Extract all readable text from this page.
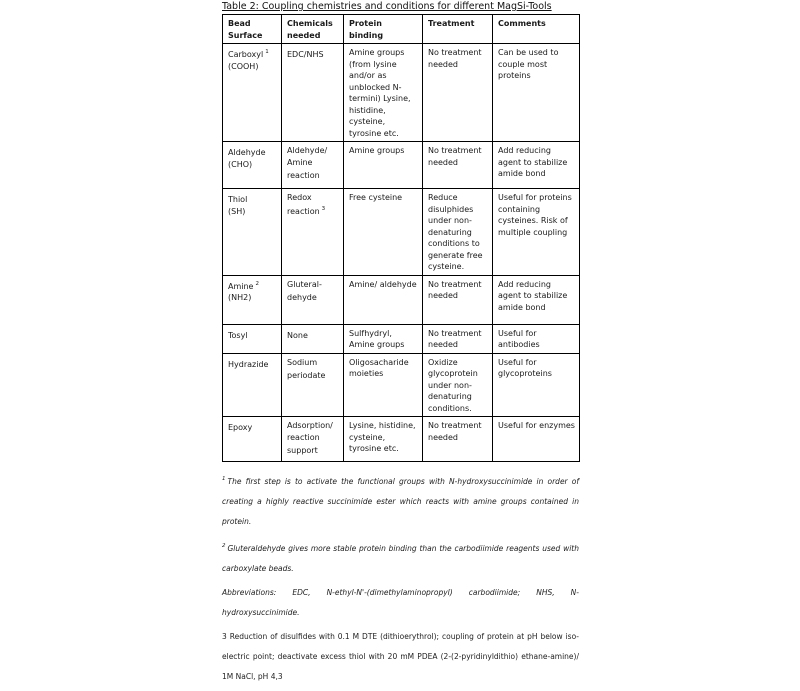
Table 2: Coupling chemistries and conditions for different MagSi-Tools
Bead Surface	Chemicals needed	Protein binding	Treatment	Comments
Carboxyl $^1$
(COOH)	EDC/NHS	Amine groups (from lysine and/or as unblocked N-termini) Lysine, histidine, cysteine, tyrosine etc.	No treatment needed	Can be used to couple most proteins
Aldehyde
(CHO)	Aldehyde/ Amine reaction	Amine groups	No treatment needed	Add reducing agent to stabilize amide bond
Thiol
(SH)	Redox reaction $^3$	Free cysteine	Reduce disulphides under non-denaturing conditions to generate free cysteine.	Useful for proteins containing cysteines. Risk of multiple coupling
Amine $^2$
(NH2)	Gluteral-dehyde	Amine/ aldehyde	No treatment needed	Add reducing agent to stabilize amide bond
Tosyl	None	Sulfhydryl, Amine groups	No treatment needed	Useful for antibodies
Hydrazide	Sodium periodate	Oligosacharide moieties	Oxidize glycoprotein under non-denaturing conditions.	Useful for glycoproteins
Epoxy	Adsorption/ reaction support	Lysine, histidine, cysteine, tyrosine etc.	No treatment needed	Useful for enzymes

$^1$ The first step is to activate the functional groups with N-hydroxysuccinimide in order of creating a highly reactive succinimide ester which reacts with amine groups contained in protein.

$^2$ Gluteraldehyde gives more stable protein binding than the carbodiimide reagents used with carboxylate beads.

Abbreviations: EDC, N-ethyl-N'-(dimethylaminopropyl) carbodiimide; NHS, N-hydroxysuccinimide.

3 Reduction of disulfides with 0.1 M DTE (dithioerythrol); coupling of protein at pH below iso-electric point; deactivate excess thiol with 20 mM PDEA (2-(2-pyridinyldithio) ethane-amine)/ 1M NaCl, pH 4,3
